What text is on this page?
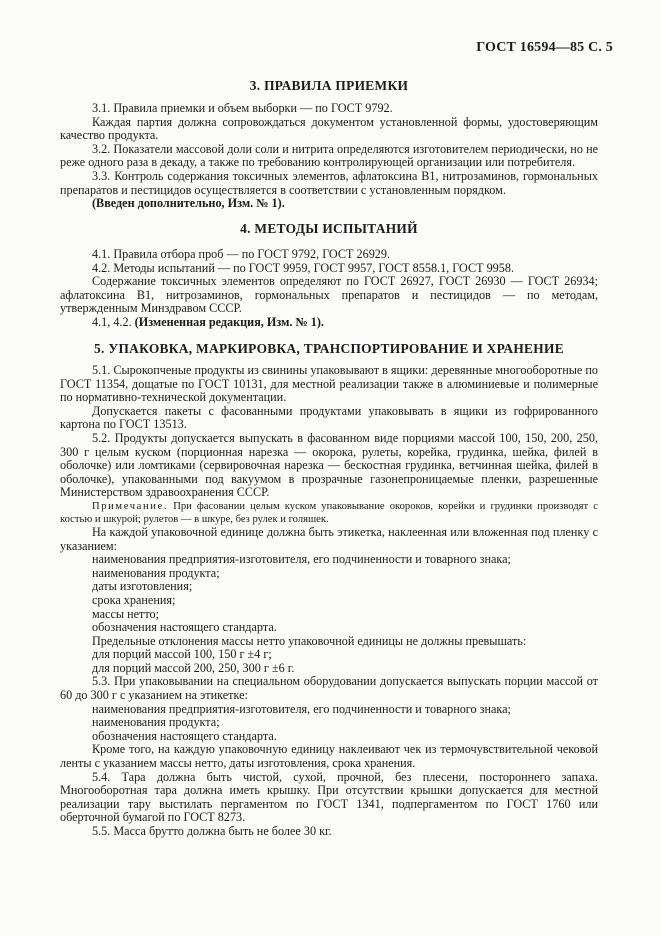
ГОСТ 16594—85 С. 5
3. ПРАВИЛА ПРИЕМКИ

3.1. Правила приемки и объем выборки — по ГОСТ 9792.

Каждая партия должна сопровождаться документом установленной формы, удостоверяющим качество продукта.

3.2. Показатели массовой доли соли и нитрита определяются изготовителем периодически, но не реже одного раза в декаду, а также по требованию контролирующей организации или потребителя.

3.3. Контроль содержания токсичных элементов, афлатоксина B1, нитрозаминов, гормональных препаратов и пестицидов осуществляется в соответствии с установленным порядком.

(Введен дополнительно, Изм. № 1).

4. МЕТОДЫ ИСПЫТАНИЙ

4.1. Правила отбора проб — по ГОСТ 9792, ГОСТ 26929.

4.2. Методы испытаний — по ГОСТ 9959, ГОСТ 9957, ГОСТ 8558.1, ГОСТ 9958.

Содержание токсичных элементов определяют по ГОСТ 26927, ГОСТ 26930 — ГОСТ 26934; афлатоксина B1, нитрозаминов, гормональных препаратов и пестицидов — по методам, утвержденным Минздравом СССР.

4.1, 4.2. (Измененная редакция, Изм. № 1).

5. УПАКОВКА, МАРКИРОВКА, ТРАНСПОРТИРОВАНИЕ И ХРАНЕНИЕ

5.1. Сырокопченые продукты из свинины упаковывают в ящики: деревянные многооборотные по ГОСТ 11354, дощатые по ГОСТ 10131, для местной реализации также в алюминиевые и полимерные по нормативно-технической документации.

Допускается пакеты с фасованными продуктами упаковывать в ящики из гофрированного картона по ГОСТ 13513.

5.2. Продукты допускается выпускать в фасованном виде порциями массой 100, 150, 200, 250, 300 г целым куском (порционная нарезка — окорока, рулеты, корейка, грудинка, шейка, филей в оболочке) или ломтиками (сервировочная нарезка — бескостная грудинка, ветчинная шейка, филей в оболочке), упакованными под вакуумом в прозрачные газонепроницаемые пленки, разрешенные Министерством здравоохранения СССР.

Примечание. При фасовании целым куском упаковывание окороков, корейки и грудинки производят с костью и шкурой; рулетов — в шкуре, без рулек и голяшек.

На каждой упаковочной единице должна быть этикетка, наклеенная или вложенная под пленку с указанием:

наименования предприятия-изготовителя, его подчиненности и товарного знака;

наименования продукта;

даты изготовления;

срока хранения;

массы нетто;

обозначения настоящего стандарта.

Предельные отклонения массы нетто упаковочной единицы не должны превышать:

для порций массой 100, 150 г ±4 г;

для порций массой 200, 250, 300 г ±6 г.

5.3. При упаковывании на специальном оборудовании допускается выпускать порции массой от 60 до 300 г с указанием на этикетке:

наименования предприятия-изготовителя, его подчиненности и товарного знака;

наименования продукта;

обозначения настоящего стандарта.

Кроме того, на каждую упаковочную единицу наклеивают чек из термочувствительной чековой ленты с указанием массы нетто, даты изготовления, срока хранения.

5.4. Тара должна быть чистой, сухой, прочной, без плесени, постороннего запаха. Многооборотная тара должна иметь крышку. При отсутствии крышки допускается для местной реализации тару выстилать пергаментом по ГОСТ 1341, подпергаментом по ГОСТ 1760 или оберточной бумагой по ГОСТ 8273.

5.5. Масса брутто должна быть не более 30 кг.
